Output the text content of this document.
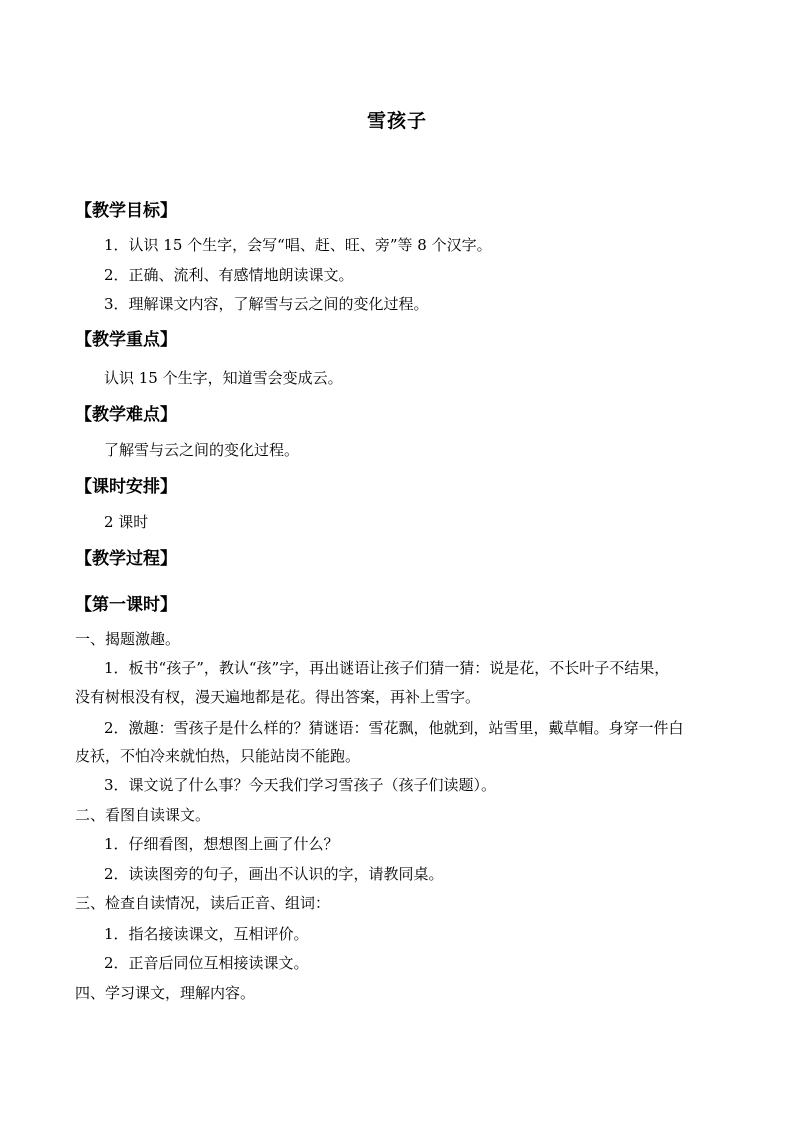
雪孩子
【教学目标】
1．认识 15 个生字，会写“唱、赶、旺、旁”等 8 个汉字。
2．正确、流利、有感情地朗读课文。
3．理解课文内容，了解雪与云之间的变化过程。
【教学重点】
认识 15 个生字，知道雪会变成云。
【教学难点】
了解雪与云之间的变化过程。
【课时安排】
2 课时
【教学过程】
【第一课时】
一、揭题激趣。
1．板书“孩子”，教认“孩”字，再出谜语让孩子们猜一猜：说是花，不长叶子不结果，
没有树根没有杈，漫天遍地都是花。得出答案，再补上雪字。
2．激趣：雪孩子是什么样的？猜谜语：雪花飘，他就到，站雪里，戴草帽。身穿一件白
皮袄，不怕冷来就怕热，只能站岗不能跑。
3．课文说了什么事？今天我们学习雪孩子（孩子们读题）。
二、看图自读课文。
1．仔细看图，想想图上画了什么？
2．读读图旁的句子，画出不认识的字，请教同桌。
三、检查自读情况，读后正音、组词：
1．指名接读课文，互相评价。
2．正音后同位互相接读课文。
四、学习课文，理解内容。
